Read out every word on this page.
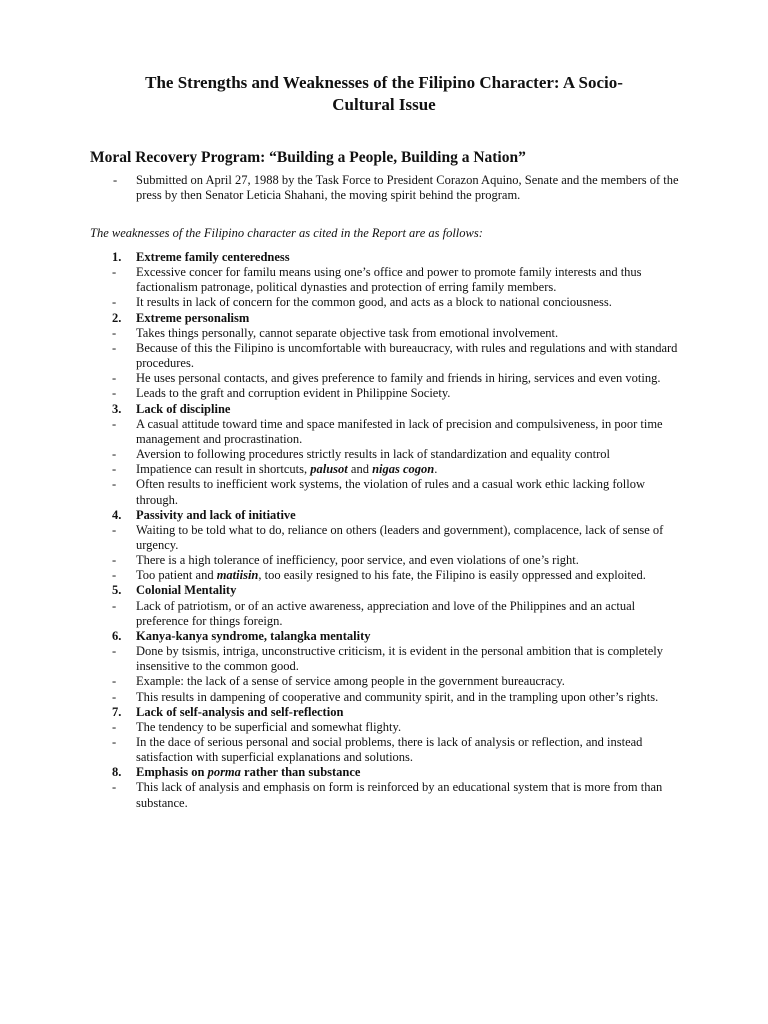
The Strengths and Weaknesses of the Filipino Character: A Socio-
Cultural Issue
Moral Recovery Program: “Building a People, Building a Nation”
- Submitted on April 27, 1988 by the Task Force to President Corazon Aquino, Senate and the members of the press by then Senator Leticia Shahani, the moving spirit behind the program.
The weaknesses of the Filipino character as cited in the Report are as follows:
1. Extreme family centeredness
- Excessive concer for familu means using one’s office and power to promote family interests and thus factionalism patronage, political dynasties and protection of erring family members.
- It results in lack of concern for the common good, and acts as a block to national conciousness.
2. Extreme personalism
- Takes things personally, cannot separate objective task from emotional involvement.
- Because of this the Filipino is uncomfortable with bureaucracy, with rules and regulations and with standard procedures.
- He uses personal contacts, and gives preference to family and friends in hiring, services and even voting.
- Leads to the graft and corruption evident in Philippine Society.
3. Lack of discipline
- A casual attitude toward time and space manifested in lack of precision and compulsiveness, in poor time management and procrastination.
- Aversion to following procedures strictly results in lack of standardization and equality control
- Impatience can result in shortcuts, palusot and nigas cogon.
- Often results to inefficient work systems, the violation of rules and a casual work ethic lacking follow through.
4. Passivity and lack of initiative
- Waiting to be told what to do, reliance on others (leaders and government), complacence, lack of sense of urgency.
- There is a high tolerance of inefficiency, poor service, and even violations of one’s right.
- Too patient and matiisin, too easily resigned to his fate, the Filipino is easily oppressed and exploited.
5. Colonial Mentality
- Lack of patriotism, or of an active awareness, appreciation and love of the Philippines and an actual preference for things foreign.
6. Kanya-kanya syndrome, talangka mentality
- Done by tsismis, intriga, unconstructive criticism, it is evident in the personal ambition that is completely insensitive to the common good.
- Example: the lack of a sense of service among people in the government bureaucracy.
- This results in dampening of cooperative and community spirit, and in the trampling upon other’s rights.
7. Lack of self-analysis and self-reflection
- The tendency to be superficial and somewhat flighty.
- In the dace of serious personal and social problems, there is lack of analysis or reflection, and instead satisfaction with superficial explanations and solutions.
8. Emphasis on porma rather than substance
- This lack of analysis and emphasis on form is reinforced by an educational system that is more from than substance.
